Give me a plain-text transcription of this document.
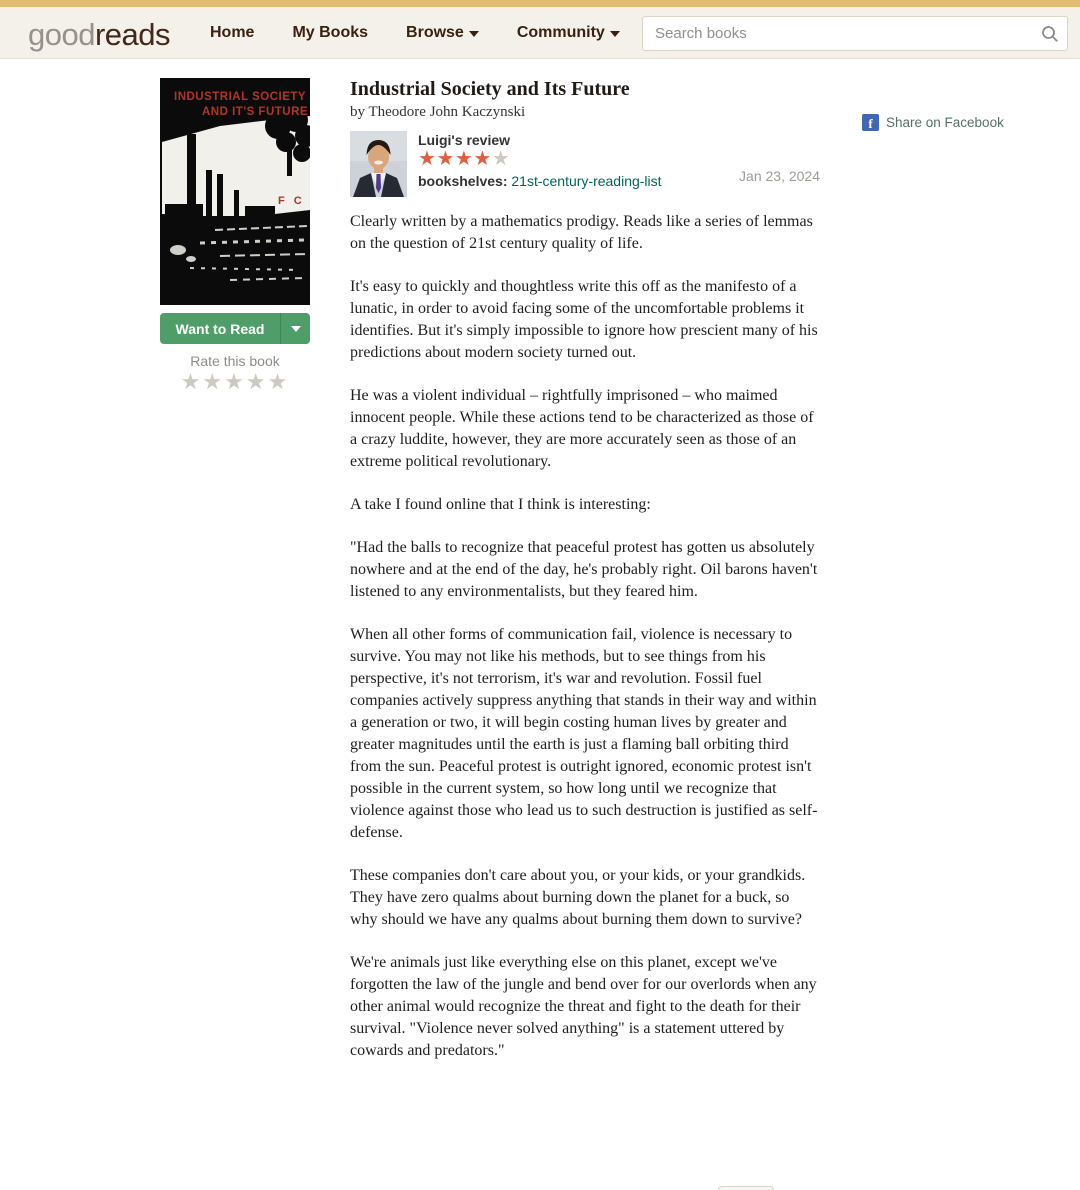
goodreads Home My Books Browse	Community
Search books
INDUSTRIAL SOCIETY
AND IT'S FUTURE
F C
Want to Read
Rate this book
★★★★★
Industrial Society and Its Future
by Theodore John Kaczynski
Luigi's review
★★★★★
bookshelves: 21st-century-reading-list	Jan 23, 2024

Clearly written by a mathematics prodigy. Reads like a series of lemmas on the question of 21st century quality of life.

It's easy to quickly and thoughtless write this off as the manifesto of a lunatic, in order to avoid facing some of the uncomfortable problems it identifies. But it's simply impossible to ignore how prescient many of his predictions about modern society turned out.

He was a violent individual – rightfully imprisoned – who maimed innocent people. While these actions tend to be characterized as those of a crazy luddite, however, they are more accurately seen as those of an extreme political revolutionary.

A take I found online that I think is interesting:

"Had the balls to recognize that peaceful protest has gotten us absolutely nowhere and at the end of the day, he's probably right. Oil barons haven't listened to any environmentalists, but they feared him.

When all other forms of communication fail, violence is necessary to survive. You may not like his methods, but to see things from his perspective, it's not terrorism, it's war and revolution. Fossil fuel companies actively suppress anything that stands in their way and within a generation or two, it will begin costing human lives by greater and greater magnitudes until the earth is just a flaming ball orbiting third from the sun. Peaceful protest is outright ignored, economic protest isn't possible in the current system, so how long until we recognize that violence against those who lead us to such destruction is justified as self-defense.

These companies don't care about you, or your kids, or your grandkids. They have zero qualms about burning down the planet for a buck, so why should we have any qualms about burning them down to survive?

We're animals just like everything else on this planet, except we've forgotten the law of the jungle and bend over for our overlords when any other animal would recognize the threat and fight to the death for their survival. "Violence never solved anything" is a statement uttered by cowards and predators."

f Share on Facebook
